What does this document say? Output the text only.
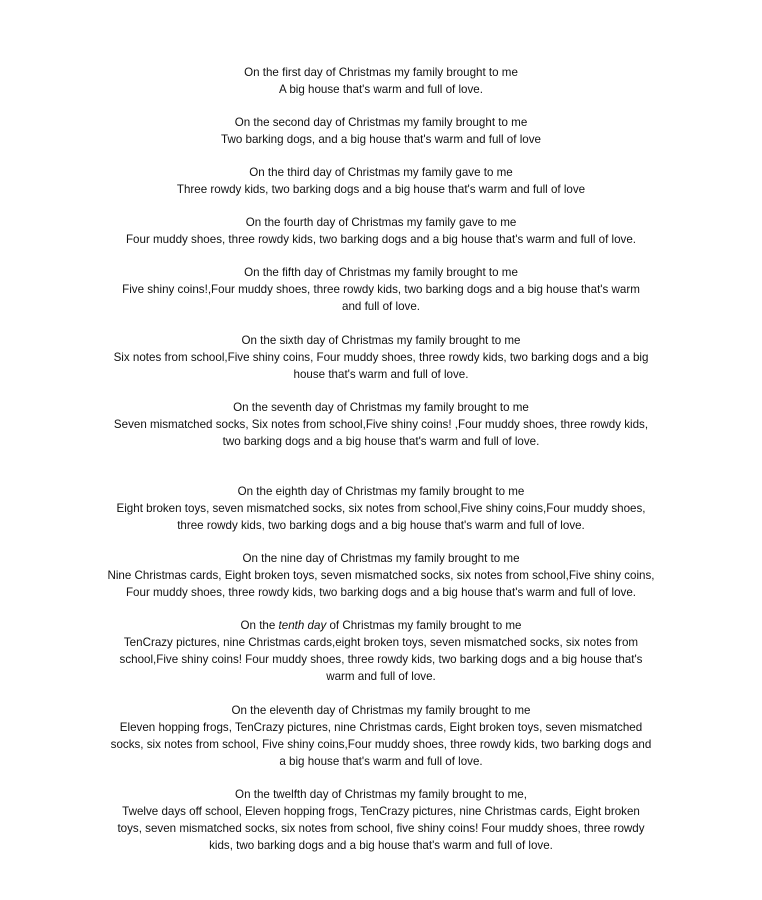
On the first day of Christmas my family brought to me
A big house that's warm and full of love.
On the second day of Christmas my family brought to me
Two barking dogs, and a big house that's warm and full of love
On the third day of Christmas my family gave to me
Three rowdy kids, two barking dogs and a big house that's warm and full of love
On the fourth day of Christmas my family gave to me
Four muddy shoes, three rowdy kids, two barking dogs and a big house that's warm and full of love.
On the fifth day of Christmas my family brought to me
Five shiny coins!,Four muddy shoes, three rowdy kids, two barking dogs and a big house that's warm
and full of love.
On the sixth day of Christmas my family brought to me
Six notes from school,Five shiny coins, Four muddy shoes, three rowdy kids, two barking dogs and a big
house that's warm and full of love.
On the seventh day of Christmas my family brought to me
Seven mismatched socks, Six notes from school,Five shiny coins! ,Four muddy shoes, three rowdy kids,
two barking dogs and a big house that's warm and full of love.
On the eighth day of Christmas my family brought to me
Eight broken toys, seven mismatched socks, six notes from school,Five shiny coins,Four muddy shoes,
three rowdy kids, two barking dogs and a big house that's warm and full of love.
On the nine day of Christmas my family brought to me
Nine Christmas cards, Eight broken toys, seven mismatched socks, six notes from school,Five shiny coins,
Four muddy shoes, three rowdy kids, two barking dogs and a big house that's warm and full of love.
On the tenth day of Christmas my family brought to me
TenCrazy pictures, nine Christmas cards,eight broken toys, seven mismatched socks, six notes from
school,Five shiny coins! Four muddy shoes, three rowdy kids, two barking dogs and a big house that's
warm and full of love.
On the eleventh day of Christmas my family brought to me
Eleven hopping frogs, TenCrazy pictures, nine Christmas cards, Eight broken toys, seven mismatched
socks, six notes from school, Five shiny coins,Four muddy shoes, three rowdy kids, two barking dogs and
a big house that's warm and full of love.
On the twelfth day of Christmas my family brought to me,
Twelve days off school, Eleven hopping frogs, TenCrazy pictures, nine Christmas cards, Eight broken
toys, seven mismatched socks, six notes from school, five shiny coins! Four muddy shoes, three rowdy
kids, two barking dogs and a big house that's warm and full of love.
